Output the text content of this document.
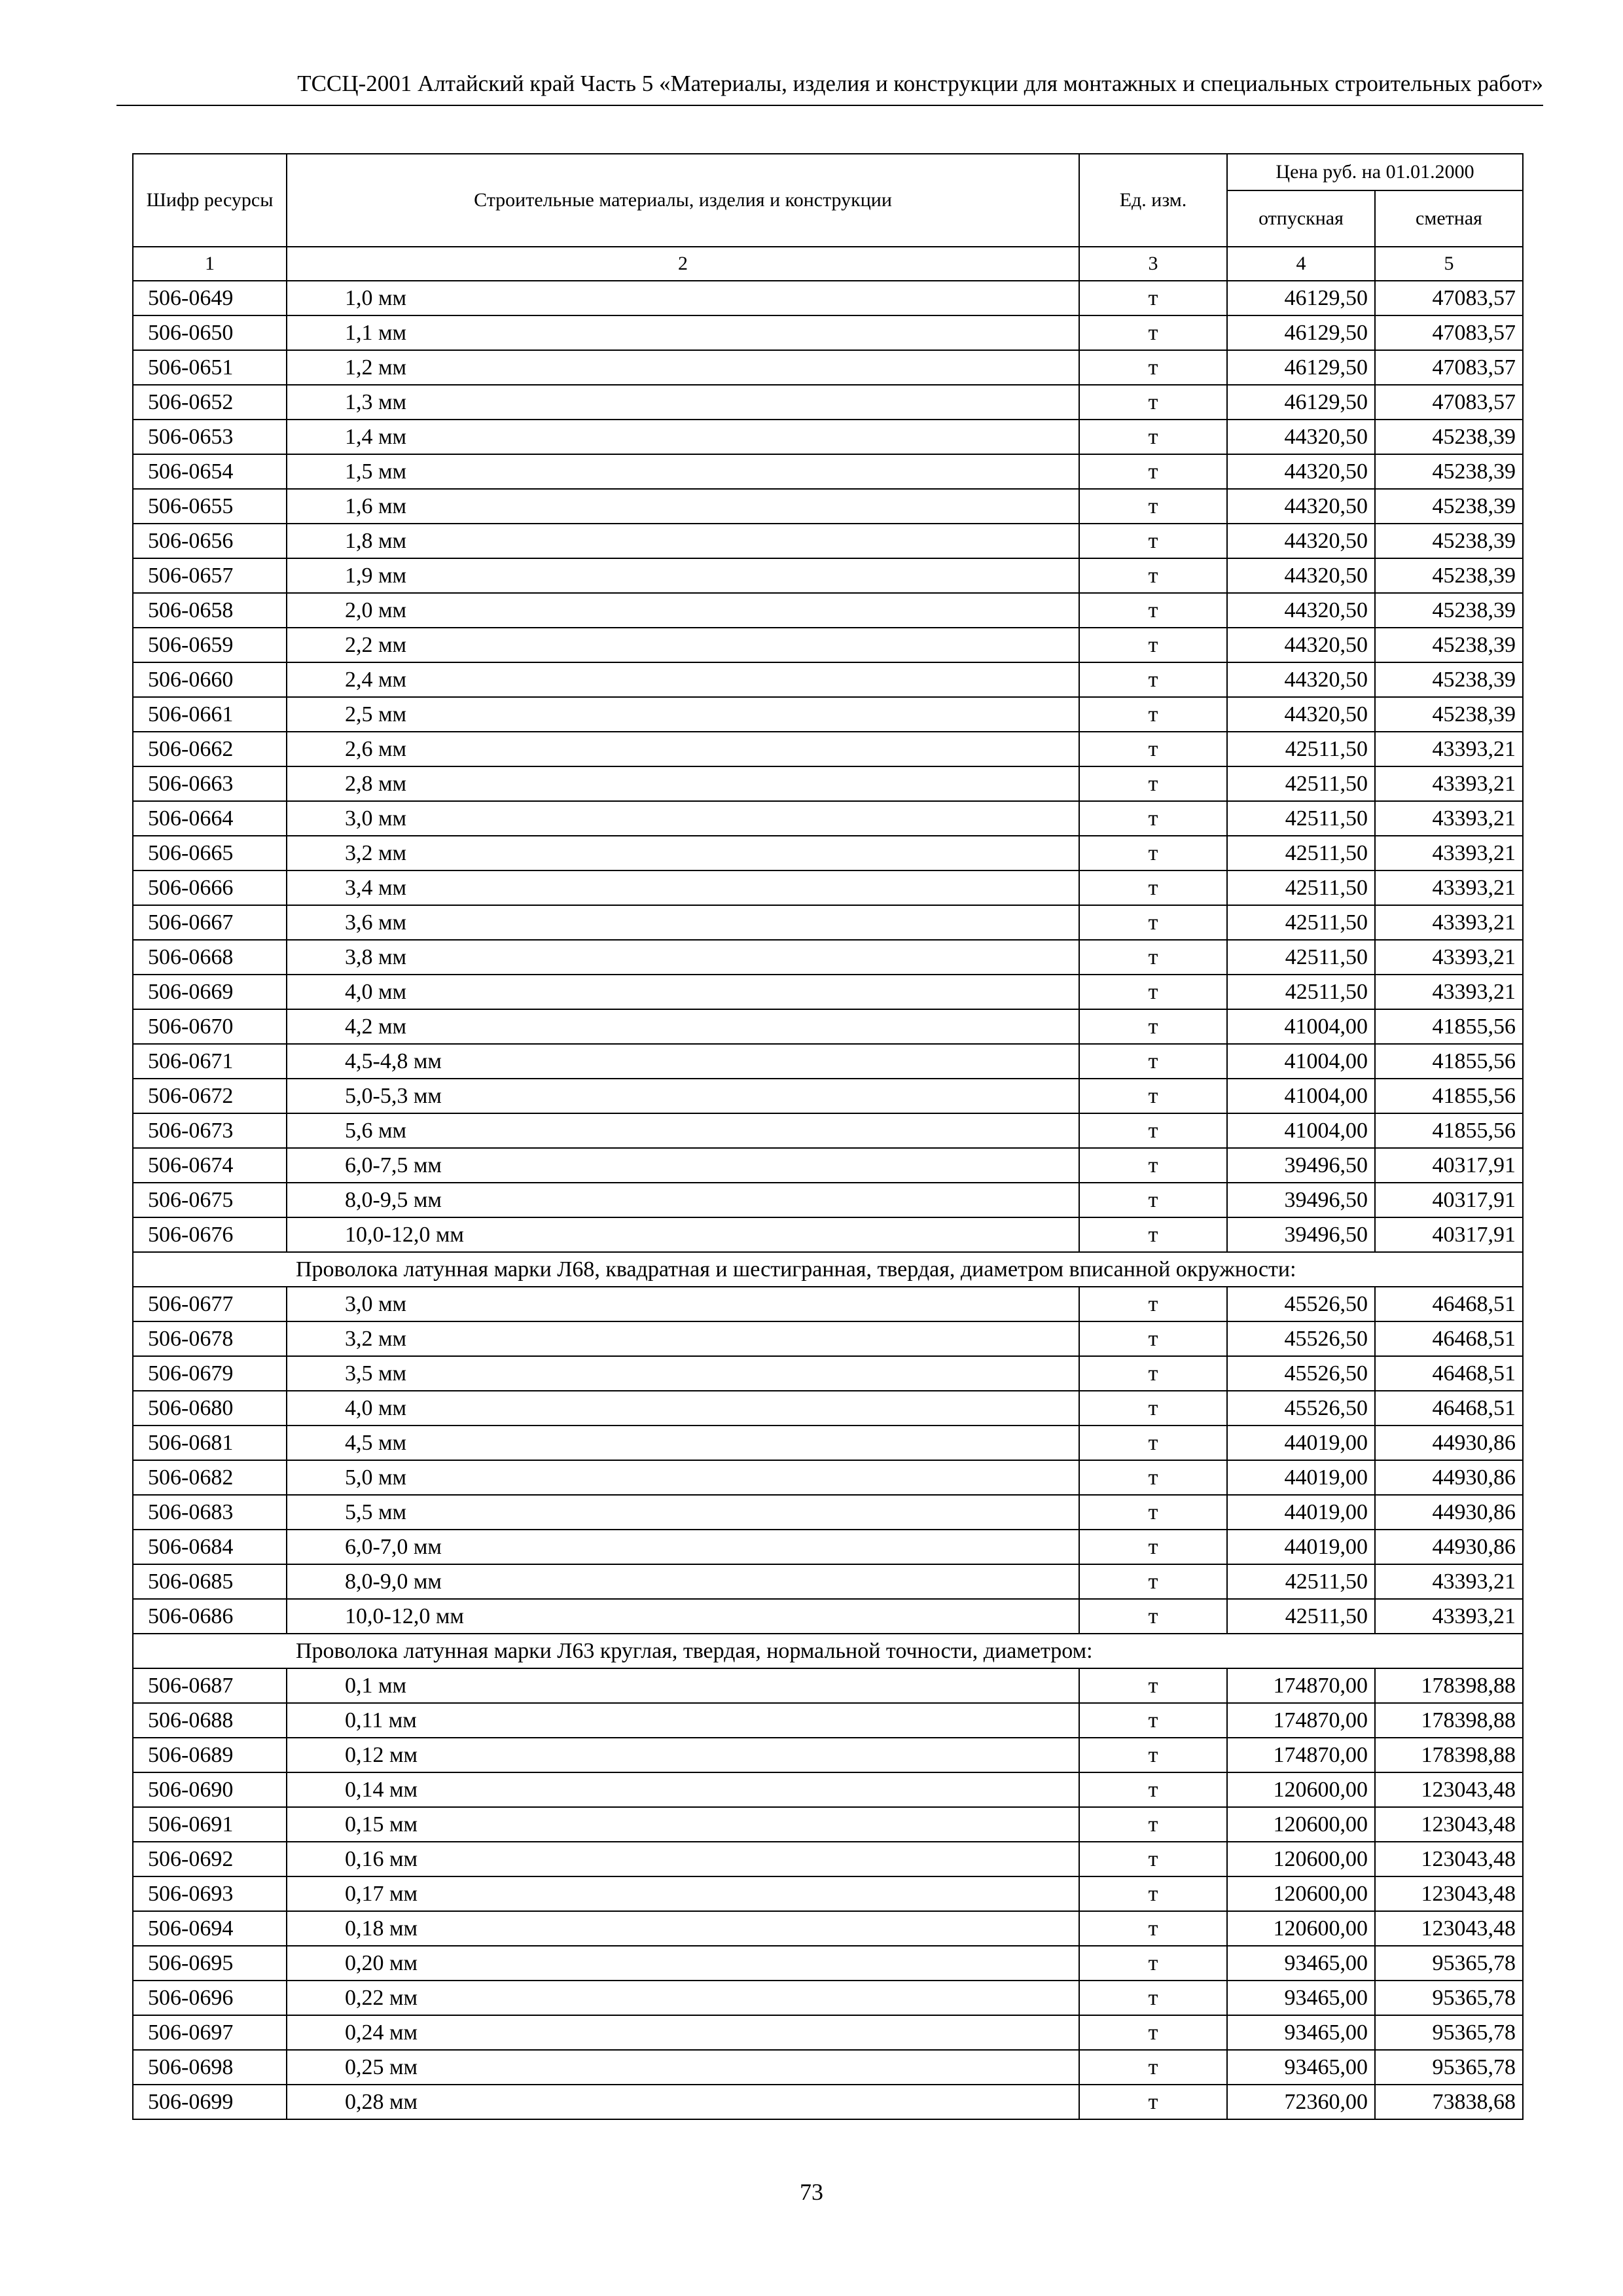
ТССЦ-2001 Алтайский край Часть 5 «Материалы, изделия и конструкции для монтажных и специальных строительных работ»
Шифр ресурсы	Строительные материалы, изделия и конструкции	Ед. изм.	Цена руб. на 01.01.2000	
			отпускная	сметная
1	2	3	4	5
506-0649	1,0 мм	т	46129,50	47083,57
506-0650	1,1 мм	т	46129,50	47083,57
506-0651	1,2 мм	т	46129,50	47083,57
506-0652	1,3 мм	т	46129,50	47083,57
506-0653	1,4 мм	т	44320,50	45238,39
506-0654	1,5 мм	т	44320,50	45238,39
506-0655	1,6 мм	т	44320,50	45238,39
506-0656	1,8 мм	т	44320,50	45238,39
506-0657	1,9 мм	т	44320,50	45238,39
506-0658	2,0 мм	т	44320,50	45238,39
506-0659	2,2 мм	т	44320,50	45238,39
506-0660	2,4 мм	т	44320,50	45238,39
506-0661	2,5 мм	т	44320,50	45238,39
506-0662	2,6 мм	т	42511,50	43393,21
506-0663	2,8 мм	т	42511,50	43393,21
506-0664	3,0 мм	т	42511,50	43393,21
506-0665	3,2 мм	т	42511,50	43393,21
506-0666	3,4 мм	т	42511,50	43393,21
506-0667	3,6 мм	т	42511,50	43393,21
506-0668	3,8 мм	т	42511,50	43393,21
506-0669	4,0 мм	т	42511,50	43393,21
506-0670	4,2 мм	т	41004,00	41855,56
506-0671	4,5-4,8 мм	т	41004,00	41855,56
506-0672	5,0-5,3 мм	т	41004,00	41855,56
506-0673	5,6 мм	т	41004,00	41855,56
506-0674	6,0-7,5 мм	т	39496,50	40317,91
506-0675	8,0-9,5 мм	т	39496,50	40317,91
506-0676	10,0-12,0 мм	т	39496,50	40317,91
Проволока латунная марки Л68, квадратная и шестигранная, твердая, диаметром вписанной окружности:				
506-0677	3,0 мм	т	45526,50	46468,51
506-0678	3,2 мм	т	45526,50	46468,51
506-0679	3,5 мм	т	45526,50	46468,51
506-0680	4,0 мм	т	45526,50	46468,51
506-0681	4,5 мм	т	44019,00	44930,86
506-0682	5,0 мм	т	44019,00	44930,86
506-0683	5,5 мм	т	44019,00	44930,86
506-0684	6,0-7,0 мм	т	44019,00	44930,86
506-0685	8,0-9,0 мм	т	42511,50	43393,21
506-0686	10,0-12,0 мм	т	42511,50	43393,21
Проволока латунная марки Л63 круглая, твердая, нормальной точности, диаметром:				
506-0687	0,1 мм	т	174870,00	178398,88
506-0688	0,11 мм	т	174870,00	178398,88
506-0689	0,12 мм	т	174870,00	178398,88
506-0690	0,14 мм	т	120600,00	123043,48
506-0691	0,15 мм	т	120600,00	123043,48
506-0692	0,16 мм	т	120600,00	123043,48
506-0693	0,17 мм	т	120600,00	123043,48
506-0694	0,18 мм	т	120600,00	123043,48
506-0695	0,20 мм	т	93465,00	95365,78
506-0696	0,22 мм	т	93465,00	95365,78
506-0697	0,24 мм	т	93465,00	95365,78
506-0698	0,25 мм	т	93465,00	95365,78
506-0699	0,28 мм	т	72360,00	73838,68
73
